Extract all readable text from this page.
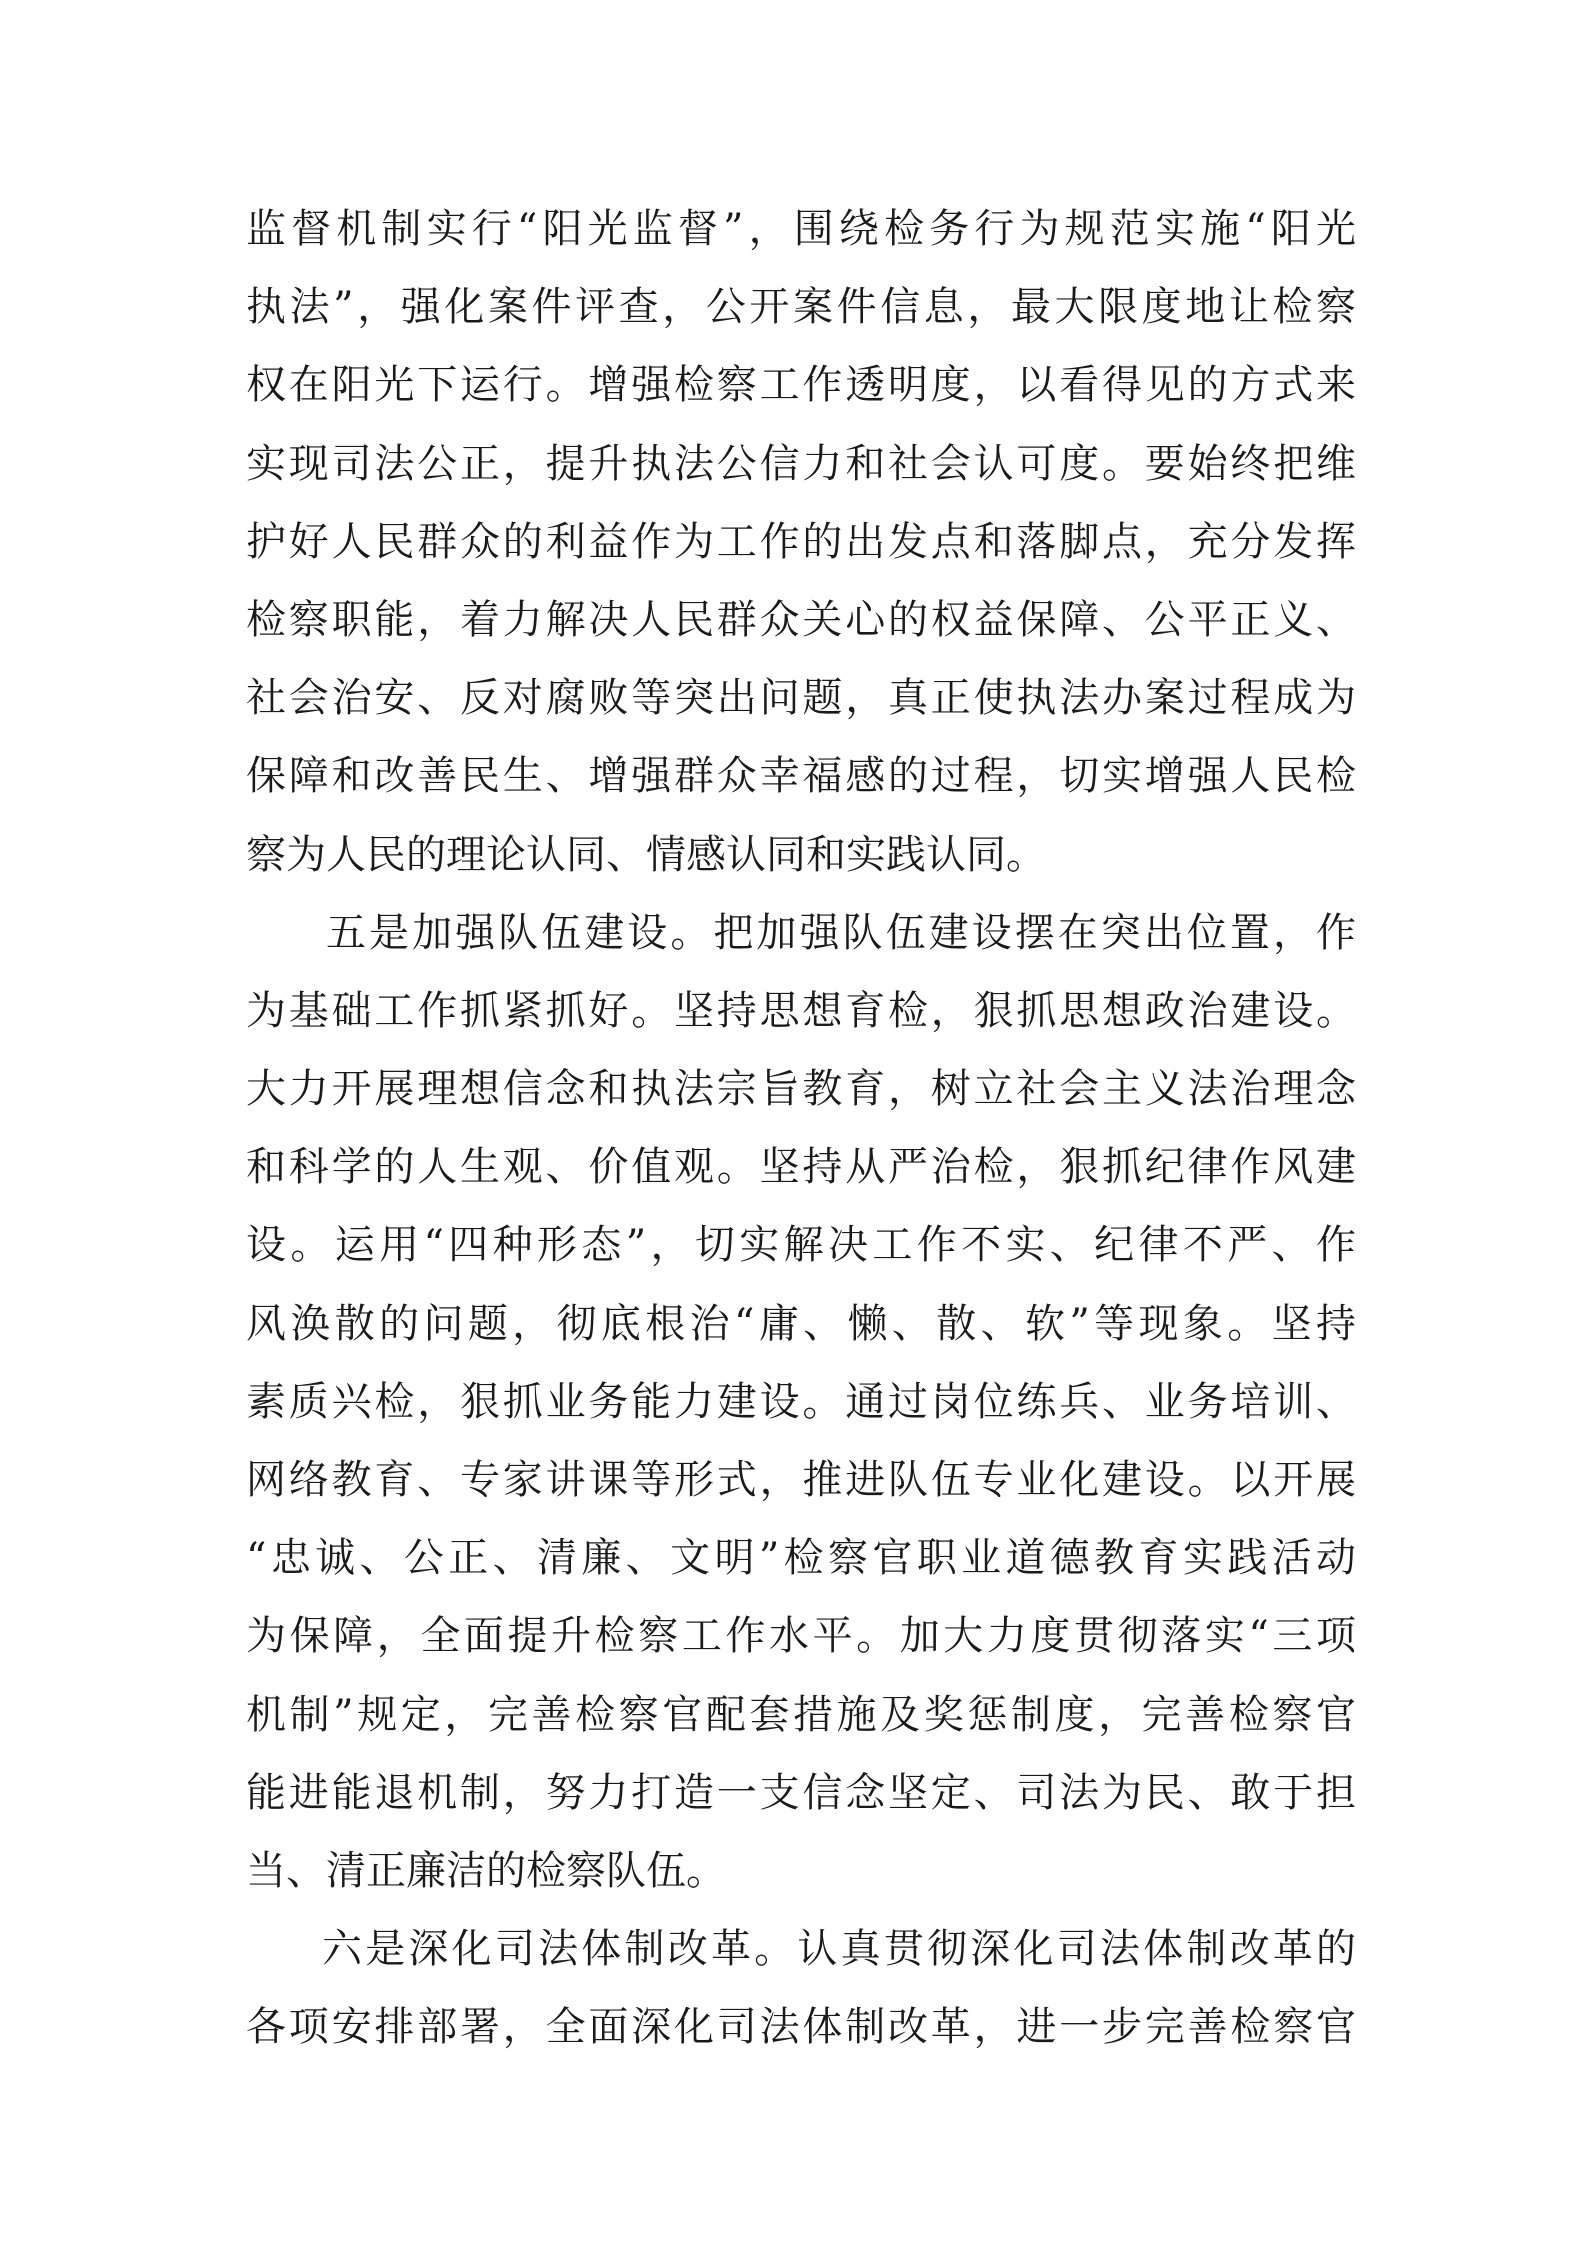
监督机制实行“阳光监督”，围绕检务行为规范实施“阳光
执法”，强化案件评查，公开案件信息，最大限度地让检察
权在阳光下运行。增强检察工作透明度，以看得见的方式来
实现司法公正，提升执法公信力和社会认可度。要始终把维
护好人民群众的利益作为工作的出发点和落脚点，充分发挥
检察职能，着力解决人民群众关心的权益保障、公平正义、
社会治安、反对腐败等突出问题，真正使执法办案过程成为
保障和改善民生、增强群众幸福感的过程，切实增强人民检
察为人民的理论认同、情感认同和实践认同。
五是加强队伍建设。把加强队伍建设摆在突出位置，作
为基础工作抓紧抓好。坚持思想育检，狠抓思想政治建设。
大力开展理想信念和执法宗旨教育，树立社会主义法治理念
和科学的人生观、价值观。坚持从严治检，狠抓纪律作风建
设。运用“四种形态”，切实解决工作不实、纪律不严、作
风涣散的问题，彻底根治“庸、懒、散、软”等现象。坚持
素质兴检，狠抓业务能力建设。通过岗位练兵、业务培训、
网络教育、专家讲课等形式，推进队伍专业化建设。以开展
“忠诚、公正、清廉、文明”检察官职业道德教育实践活动
为保障，全面提升检察工作水平。加大力度贯彻落实“三项
机制”规定，完善检察官配套措施及奖惩制度，完善检察官
能进能退机制，努力打造一支信念坚定、司法为民、敢于担
当、清正廉洁的检察队伍。
六是深化司法体制改革。认真贯彻深化司法体制改革的
各项安排部署，全面深化司法体制改革，进一步完善检察官
